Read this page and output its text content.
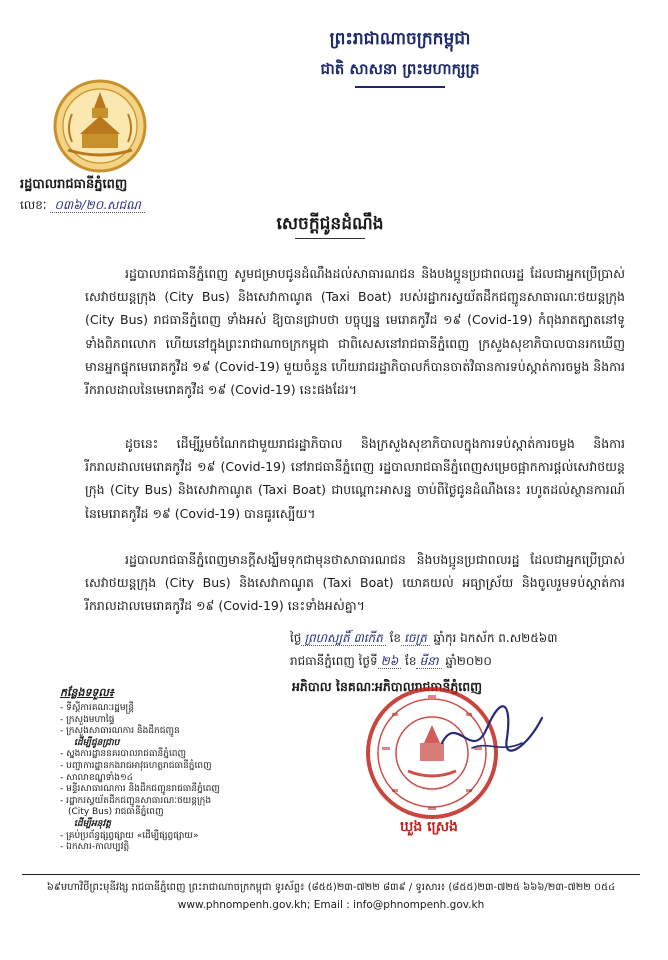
ព្រះរាជាណាចក្រកម្ពុជា
ជាតិ សាសនា ព្រះមហាក្សត្រ
រដ្ឋបាលរាជធានីភ្នំពេញ
លេខៈ ០៣៦/២០.សជណ
សេចក្តីជូនដំណឹង
រដ្ឋបាលរាជធានីភ្នំពេញ សូមជម្រាបជូនដំណឹងដល់សាធារណជន និងបងប្អូនប្រជាពលរដ្ឋ ដែលជាអ្នកប្រើប្រាស់សេវាថយន្តក្រុង (City Bus) និងសេវាកាណូត (Taxi Boat) របស់រដ្ឋាករស្វយ័តដឹកជញ្ជូនសាធារណៈថយន្តក្រុង (City Bus) រាជធានីភ្នំពេញ ទាំងអស់ ឱ្យបានជ្រាបថា បច្ចុប្បន្ន មេរោគកូវីដ ១៩ (Covid-19) កំពុងរាតត្បាតនៅទូទាំងពិភពលោក ហើយនៅក្នុងព្រះរាជាណាចក្រកម្ពុជា ជាពិសេសនៅរាជធានីភ្នំពេញ ក្រសួងសុខាភិបាលបានរកឃើញមានអ្នកផ្ទុកមេរោគកូវីដ ១៩ (Covid-19) មួយចំនួន ហើយរាជរដ្ឋាភិបាលក៏បានចាត់វិធានការទប់ស្កាត់ការចម្លង និងការរីករាលដាលនៃមេរោគកូវីដ ១៩ (Covid-19) នេះផងដែរ។
ដូចនេះ ដើម្បីរួមចំណែកជាមួយរាជរដ្ឋាភិបាល និងក្រសួងសុខាភិបាលក្នុងការទប់ស្កាត់ការចម្លង និងការរីករាលដាលមេរោគកូវីដ ១៩ (Covid-19) នៅរាជធានីភ្នំពេញ រដ្ឋបាលរាជធានីភ្នំពេញសម្រេចផ្អាកការផ្តល់សេវាថយន្តក្រុង (City Bus) និងសេវាកាណូត (Taxi Boat) ជាបណ្តោះអាសន្ន ចាប់ពីថ្ងៃជូនដំណឹងនេះ រហូតដល់ស្ថានការណ៍នៃមេរោគកូវីដ ១៩ (Covid-19) បានធូរស្បើយ។
រដ្ឋបាលរាជធានីភ្នំពេញមានក្តីសង្ឃឹមទុកជាមុនថាសាធារណជន និងបងប្អូនប្រជាពលរដ្ឋ ដែលជាអ្នកប្រើប្រាស់សេវាថយន្តក្រុង (City Bus) និងសេវាកាណូត (Taxi Boat) យោគយល់ អធ្យាស្រ័យ និងចូលរួមទប់ស្កាត់ការរីករាលដាលមេរោគកូវីដ ១៩ (Covid-19) នេះទាំងអស់គ្នា។
ថ្ងៃ ព្រហស្បតិ៍ ៣កើត ខែ ចេត្រ ឆ្នាំកុរ ឯកស័ក ព.ស២៥៦៣
រាជធានីភ្នំពេញ ថ្ងៃទី ២៦ ខែ មីនា ឆ្នាំ២០២០
អភិបាល នៃគណៈអភិបាលរាជធានីភ្នំពេញ
ឃួង ស្រេង
កន្លែងទទួល៖
- ទីស្តីការគណៈរដ្ឋមន្ត្រី
- ក្រសួងមហាផ្ទៃ
- ក្រសួងសាធារណការ និងដឹកជញ្ជូន
ដើម្បីជូនជ្រាប
- ស្នងការដ្ឋាននគរបាលរាជធានីភ្នំពេញ
- បញ្ជាការដ្ឋានកងរាជអាវុធហត្ថរាជធានីភ្នំពេញ
- សាលាខណ្ឌទាំង១៤
- មន្ទីរសាធារណការ និងដឹកជញ្ជូនរាជធានីភ្នំពេញ
- រដ្ឋាករស្វយ័តដឹកជញ្ជូនសាធារណៈថយន្តក្រុង
(City Bus) រាជធានីភ្នំពេញ
ដើម្បីអនុវត្ត
- គ្រប់ប្រព័ន្ធផ្សព្វផ្សាយ «ដើម្បីផ្សព្វផ្សាយ»
- ឯកសារ-កាលប្បវត្តិ
៦៩មហាវិថីព្រះមុនីវង្ស រាជធានីភ្នំពេញ ព្រះរាជាណាចក្រកម្ពុជា ទូរស័ព្ទ៖ (៨៥៥)២៣-៧២២ ៨៣៩ / ទូរសារ៖ (៨៥៥)២៣-៧២៥ ៦៦៦/២៣-៧២២ ០៥៤
www.phnompenh.gov.kh; Email : info@phnompenh.gov.kh
